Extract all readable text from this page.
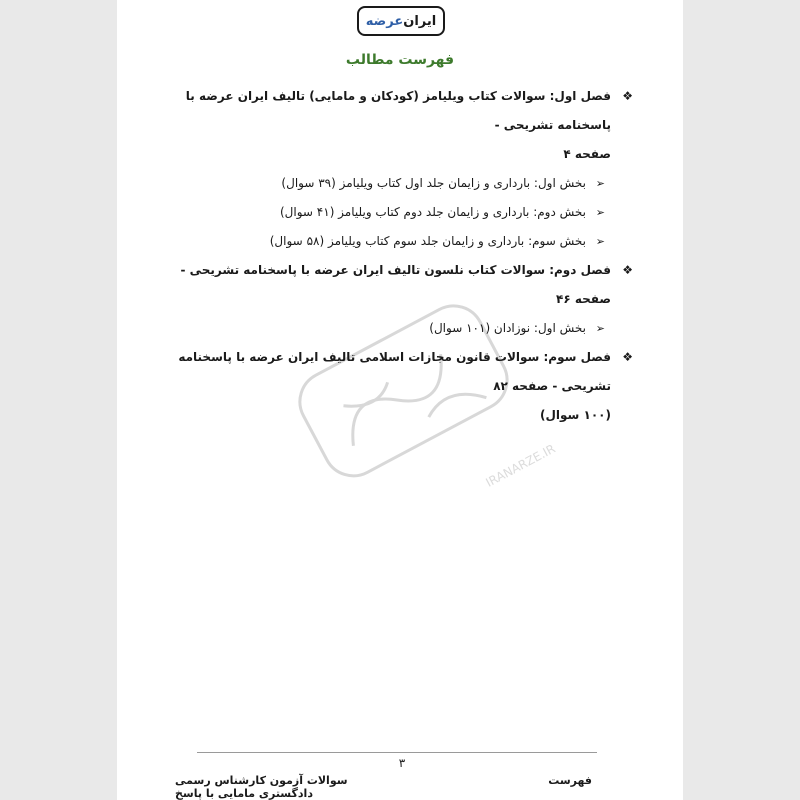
ایران
عرضه
فهرست مطالب
IRANARZE.IR
❖
فصل اول: سوالات کتاب ویلیامز (کودکان و مامایی) تالیف ایران عرضه با پاسخنامه تشریحی -
صفحه ۴
➢
بخش اول: بارداری و زایمان جلد اول کتاب ویلیامز (۳۹ سوال)
➢
بخش دوم: بارداری و زایمان جلد دوم کتاب ویلیامز (۴۱ سوال)
➢
بخش سوم: بارداری و زایمان جلد سوم کتاب ویلیامز (۵۸ سوال)
❖
فصل دوم: سوالات کتاب نلسون تالیف ایران عرضه با پاسخنامه تشریحی - صفحه ۴۶
➢
بخش اول: نوزادان (۱۰۱ سوال)
❖
فصل سوم: سوالات قانون مجازات اسلامی تالیف ایران عرضه با پاسخنامه تشریحی - صفحه ۸۲
(۱۰۰ سوال)
۳
سوالات آزمون کارشناس رسمی دادگستری مامایی با پاسخ
فهرست
